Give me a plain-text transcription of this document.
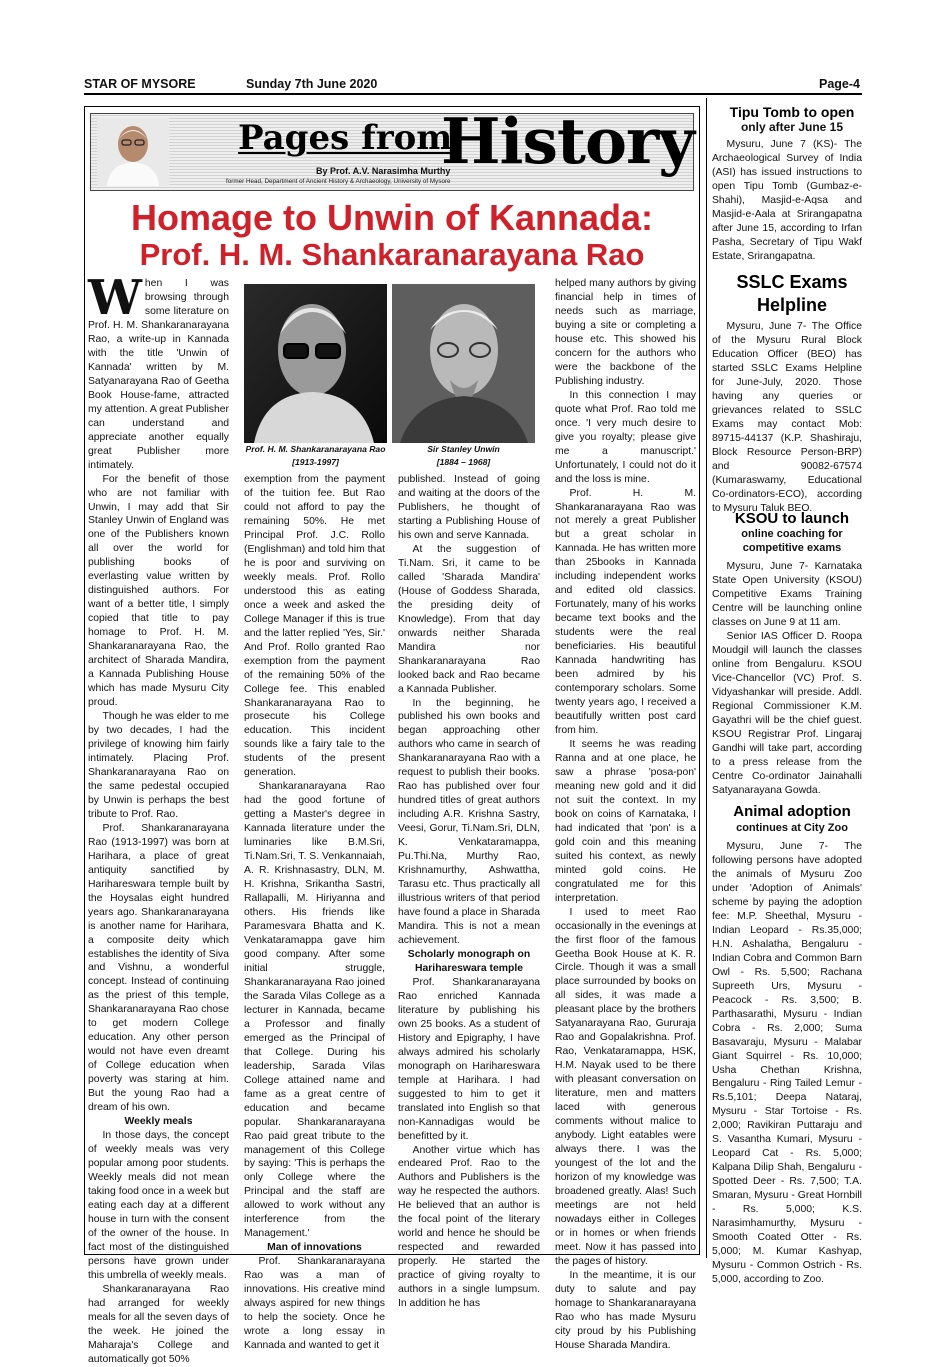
STAR OF MYSORE	Sunday 7th June 2020	Page-4
Pages from
History
By Prof. A.V. Narasimha Murthy
former Head, Department of Ancient History & Archaeology, University of Mysore
Homage to Unwin of Kannada:
Prof. H. M. Shankaranarayana Rao
W hen I was browsing through some literature on Prof. H. M. Shankaranarayana Rao, a write-up in Kannada with the title 'Unwin of Kannada' written by M. Satyanarayana Rao of Geetha Book House-fame, attracted my attention. A great Publisher can understand and appreciate another equally great Publisher more intimately.

For the benefit of those who are not familiar with Unwin, I may add that Sir Stanley Unwin of England was one of the Publishers known all over the world for publishing books of everlasting value written by distinguished authors. For want of a better title, I simply copied that title to pay homage to Prof. H. M. Shankaranarayana Rao, the architect of Sharada Mandira, a Kannada Publishing House which has made Mysuru City proud.

Though he was elder to me by two decades, I had the privilege of knowing him fairly intimately. Placing Prof. Shankaranarayana Rao on the same pedestal occupied by Unwin is perhaps the best tribute to Prof. Rao.

Prof. Shankaranarayana Rao (1913-1997) was born at Harihara, a place of great antiquity sanctified by Harihareswara temple built by the Hoysalas eight hundred years ago. Shankaranarayana is another name for Harihara, a composite deity which establishes the identity of Siva and Vishnu, a wonderful concept. Instead of continuing as the priest of this temple, Shankaranarayana Rao chose to get modern College education. Any other person would not have even dreamt of College education when poverty was staring at him. But the young Rao had a dream of his own.

Weekly meals

In those days, the concept of weekly meals was very popular among poor students. Weekly meals did not mean taking food once in a week but eating each day at a different house in turn with the consent of the owner of the house. In fact most of the distinguished persons have grown under this umbrella of weekly meals.

Shankaranarayana Rao had arranged for weekly meals for all the seven days of the week. He joined the Maharaja's College and automatically got 50%

Prof. H. M. Shankaranarayana Rao
[1913-1997]
Sir Stanley Unwin
[1884 – 1968]

exemption from the payment of the tuition fee. But Rao could not afford to pay the remaining 50%. He met Principal Prof. J.C. Rollo (Englishman) and told him that he is poor and surviving on weekly meals. Prof. Rollo understood this as eating once a week and asked the College Manager if this is true and the latter replied 'Yes, Sir.' And Prof. Rollo granted Rao exemption from the payment of the remaining 50% of the College fee. This enabled Shankaranarayana Rao to prosecute his College education. This incident sounds like a fairy tale to the students of the present generation.

Shankaranarayana Rao had the good fortune of getting a Master's degree in Kannada literature under the luminaries like B.M.Sri, Ti.Nam.Sri, T. S. Venkannaiah, A. R. Krishnasastry, DLN, M. H. Krishna, Srikantha Sastri, Rallapalli, M. Hiriyanna and others. His friends like Paramesvara Bhatta and K. Venkataramappa gave him good company. After some initial struggle, Shankaranarayana Rao joined the Sarada Vilas College as a lecturer in Kannada, became a Professor and finally emerged as the Principal of that College. During his leadership, Sarada Vilas College attained name and fame as a great centre of education and became popular. Shankaranarayana Rao paid great tribute to the management of this College by saying: 'This is perhaps the only College where the Principal and the staff are allowed to work without any interference from the Management.'

Man of innovations

Prof. Shankaranarayana Rao was a man of innovations. His creative mind always aspired for new things to help the society. Once he wrote a long essay in Kannada and wanted to get it

published. Instead of going and waiting at the doors of the Publishers, he thought of starting a Publishing House of his own and serve Kannada.

At the suggestion of Ti.Nam. Sri, it came to be called 'Sharada Mandira' (House of Goddess Sharada, the presiding deity of Knowledge). From that day onwards neither Sharada Mandira nor Shankaranarayana Rao looked back and Rao became a Kannada Publisher.

In the beginning, he published his own books and began approaching other authors who came in search of Shankaranarayana Rao with a request to publish their books. Rao has published over four hundred titles of great authors including A.R. Krishna Sastry, Veesi, Gorur, Ti.Nam.Sri, DLN, K. Venkataramappa, Pu.Thi.Na, Murthy Rao, Krishnamurthy, Ashwattha, Tarasu etc. Thus practically all illustrious writers of that period have found a place in Sharada Mandira. This is not a mean achievement.

Scholarly monograph on Harihareswara temple

Prof. Shankaranarayana Rao enriched Kannada literature by publishing his own 25 books. As a student of History and Epigraphy, I have always admired his scholarly monograph on Harihareswara temple at Harihara. I had suggested to him to get it translated into English so that non-Kannadigas would be benefitted by it.

Another virtue which has endeared Prof. Rao to the Authors and Publishers is the way he respected the authors. He believed that an author is the focal point of the literary world and hence he should be respected and rewarded properly. He started the practice of giving royalty to authors in a single lumpsum. In addition he has

helped many authors by giving financial help in times of needs such as marriage, buying a site or completing a house etc. This showed his concern for the authors who were the backbone of the Publishing industry.

In this connection I may quote what Prof. Rao told me once. 'I very much desire to give you royalty; please give me a manuscript.' Unfortunately, I could not do it and the loss is mine.

Prof. H. M. Shankaranarayana Rao was not merely a great Publisher but a great scholar in Kannada. He has written more than 25books in Kannada including independent works and edited old classics. Fortunately, many of his works became text books and the students were the real beneficiaries. His beautiful Kannada handwriting has been admired by his contemporary scholars. Some twenty years ago, I received a beautifully written post card from him.

It seems he was reading Ranna and at one place, he saw a phrase 'posa-pon' meaning new gold and it did not suit the context. In my book on coins of Karnataka, I had indicated that 'pon' is a gold coin and this meaning suited his context, as newly minted gold coins. He congratulated me for this interpretation.

I used to meet Rao occasionally in the evenings at the first floor of the famous Geetha Book House at K. R. Circle. Though it was a small place surrounded by books on all sides, it was made a pleasant place by the brothers Satyanarayana Rao, Gururaja Rao and Gopalakrishna. Prof. Rao, Venkataramappa, HSK, H.M. Nayak used to be there with pleasant conversation on literature, men and matters laced with generous comments without malice to anybody. Light eatables were always there. I was the youngest of the lot and the horizon of my knowledge was broadened greatly. Alas! Such meetings are not held nowadays either in Colleges or in homes or when friends meet. Now it has passed into the pages of history.

In the meantime, it is our duty to salute and pay homage to Shankaranarayana Rao who has made Mysuru city proud by his Publishing House Sharada Mandira.

Tipu Tomb to open
only after June 15

Mysuru, June 7 (KS)- The Archaeological Survey of India (ASI) has issued instructions to open Tipu Tomb (Gumbaz-e-Shahi), Masjid-e-Aqsa and Masjid-e-Aala at Srirangapatna after June 15, according to Irfan Pasha, Secretary of Tipu Wakf Estate, Srirangapatna.

SSLC Exams
Helpline

Mysuru, June 7- The Office of the Mysuru Rural Block Education Officer (BEO) has started SSLC Exams Helpline for June-July, 2020. Those having any queries or grievances related to SSLC Exams may contact Mob: 89715-44137 (K.P. Shashiraju, Block Resource Person-BRP) and 90082-67574 (Kumaraswamy, Educational Co-ordinators-ECO), according to Mysuru Taluk BEO.

KSOU to launch
online coaching for
competitive exams

Mysuru, June 7- Karnataka State Open University (KSOU) Competitive Exams Training Centre will be launching online classes on June 9 at 11 am.

Senior IAS Officer D. Roopa Moudgil will launch the classes online from Bengaluru. KSOU Vice-Chancellor (VC) Prof. S. Vidyashankar will preside. Addl. Regional Commissioner K.M. Gayathri will be the chief guest. KSOU Registrar Prof. Lingaraj Gandhi will take part, according to a press release from the Centre Co-ordinator Jainahalli Satyanarayana Gowda.

Animal adoption
continues at City Zoo

Mysuru, June 7- The following persons have adopted the animals of Mysuru Zoo under 'Adoption of Animals' scheme by paying the adoption fee: M.P. Sheethal, Mysuru - Indian Leopard - Rs.35,000; H.N. Ashalatha, Bengaluru - Indian Cobra and Common Barn Owl - Rs. 5,500; Rachana Supreeth Urs, Mysuru - Peacock - Rs. 3,500; B. Parthasarathi, Mysuru - Indian Cobra - Rs. 2,000; Suma Basavaraju, Mysuru - Malabar Giant Squirrel - Rs. 10,000; Usha Chethan Krishna, Bengaluru - Ring Tailed Lemur - Rs.5,101; Deepa Nataraj, Mysuru - Star Tortoise - Rs. 2,000; Ravikiran Puttaraju and S. Vasantha Kumari, Mysuru - Leopard Cat - Rs. 5,000; Kalpana Dilip Shah, Bengaluru - Spotted Deer - Rs. 7,500; T.A. Smaran, Mysuru - Great Hornbill - Rs. 5,000; K.S. Narasimhamurthy, Mysuru - Smooth Coated Otter - Rs. 5,000; M. Kumar Kashyap, Mysuru - Common Ostrich - Rs. 5,000, according to Zoo.
